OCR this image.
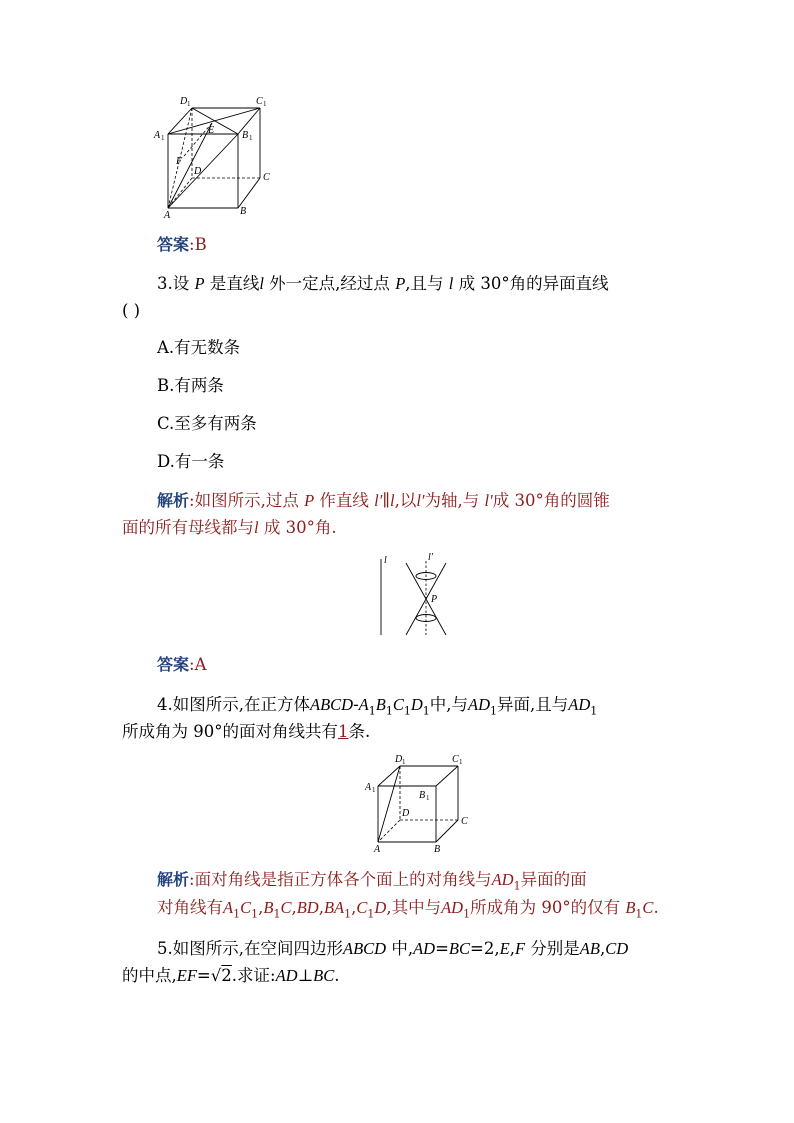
D 1	C 1
A 1	B 1
E
F
D
C
A	B
答案:B
3.设 P 是直线l 外一定点,经过点 P,且与 l 成 30°角的异面直线
( )
A.有无数条
B.有两条
C.至多有两条
D.有一条
解析:如图所示,过点 P 作直线 l′∥l,以l′为轴,与 l′成 30°角的圆锥
面的所有母线都与l 成 30°角.
l	l′
P
答案:A
4.如图所示,在正方体ABCD-$A_1B_1C_1D_1$中,与$AD_1$异面,且与$AD_1$
所成角为 90°的面对角线共有1条.
D 1	C 1
A 1	B 1
D
C
A	B
解析:面对角线是指正方体各个面上的对角线与$AD_1$异面的面
对角线有$A_1C_1,B_1C,BD,BA_1,C_1D$,其中与$AD_1$所成角为 90°的仅有 $B_1C$.
5.如图所示,在空间四边形ABCD 中,AD=BC=2,E,F 分别是AB,CD
的中点,EF=√2.求证:AD⊥BC.
